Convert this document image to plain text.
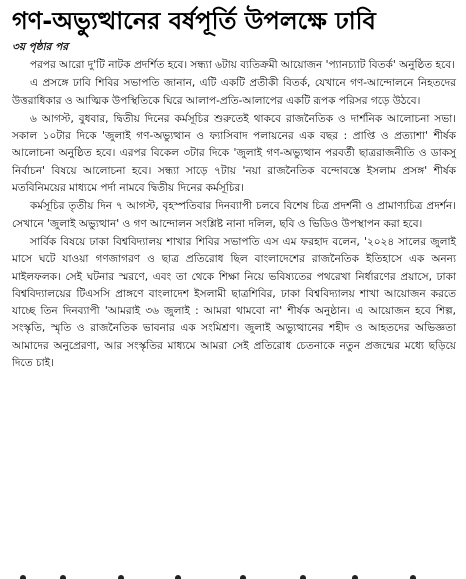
গণ-অভ্যুত্থানের বর্ষপূর্তি উপলক্ষে ঢাবি
৩য় পৃষ্ঠার পর

পরপর আরো দু'টি নাটক প্রদর্শিত হবে। সন্ধ্যা ৬টায় ব্যতিক্রমী আয়োজন 'প্যানচ্যাট বিতর্ক' অনুষ্ঠিত হবে।

এ প্রসঙ্গে ঢাবি শিবির সভাপতি জানান, এটি একটি প্রতীকী বিতর্ক, যেখানে গণ-আন্দোলনে নিহতদের উত্তরাধিকার ও আত্মিক উপস্থিতিকে ঘিরে আলাপ-প্রতি-আলাপের একটি রূপক পরিসর গড়ে উঠবে।

৬ আগস্ট, বুধবার, দ্বিতীয় দিনের কর্মসূচির শুরুতেই থাকবে রাজনৈতিক ও দার্শনিক আলোচনা সভা। সকাল ১০টার দিকে 'জুলাই গণ-অভ্যুত্থান ও ফ্যাসিবাদ পলায়নের এক বছর : প্রাপ্তি ও প্রত্যাশা' শীর্ষক আলোচনা অনুষ্ঠিত হবে। এরপর বিকেল ৩টার দিকে 'জুলাই গণ-অভ্যুত্থান পরবর্তী ছাত্ররাজনীতি ও ডাকসু নির্বাচন' বিষয়ে আলোচনা হবে। সন্ধ্যা সাড়ে ৭টায় 'নয়া রাজনৈতিক বন্দোবস্তে ইসলাম প্রসঙ্গ' শীর্ষক মতবিনিময়ের মাধ্যমে পর্দা নামবে দ্বিতীয় দিনের কর্মসূচির।

কর্মসূচির তৃতীয় দিন ৭ আগস্ট, বৃহস্পতিবার দিনব্যাপী চলবে বিশেষ চিত্র প্রদর্শনী ও প্রামাণ্যচিত্র প্রদর্শন। সেখানে 'জুলাই অভ্যুত্থান' ও গণ আন্দোলন সংশ্লিষ্ট নানা দলিল, ছবি ও ভিডিও উপস্থাপন করা হবে।

সার্বিক বিষয়ে ঢাকা বিশ্ববিদ্যালয় শাখার শিবির সভাপতি এস এম ফরহাদ বলেন, '২০২৪ সালের জুলাই মাসে ঘটে যাওয়া গণজাগরণ ও ছাত্র প্রতিরোধ ছিল বাংলাদেশের রাজনৈতিক ইতিহাসে এক অনন্য মাইলফলক। সেই ঘটনার স্মরণে, এবং তা থেকে শিক্ষা নিয়ে ভবিষ্যতের পথরেখা নির্ধারণের প্রয়াসে, ঢাকা বিশ্ববিদ্যালয়ের টিএসসি প্রাঙ্গণে বাংলাদেশ ইসলামী ছাত্রশিবির, ঢাকা বিশ্ববিদ্যালয় শাখা আয়োজন করতে যাচ্ছে তিন দিনব্যাপী 'আমরাই ৩৬ জুলাই : আমরা থামবো না' শীর্ষক অনুষ্ঠান। এ আয়োজন হবে শিল্প, সংস্কৃতি, স্মৃতি ও রাজনৈতিক ভাবনার এক সংমিশ্রণ। জুলাই অভ্যুত্থানের শহীদ ও আহতদের অভিজ্ঞতা আমাদের অনুপ্রেরণা, আর সংস্কৃতির মাধ্যমে আমরা সেই প্রতিরোধ চেতনাকে নতুন প্রজন্মের মধ্যে ছড়িয়ে দিতে চাই।
